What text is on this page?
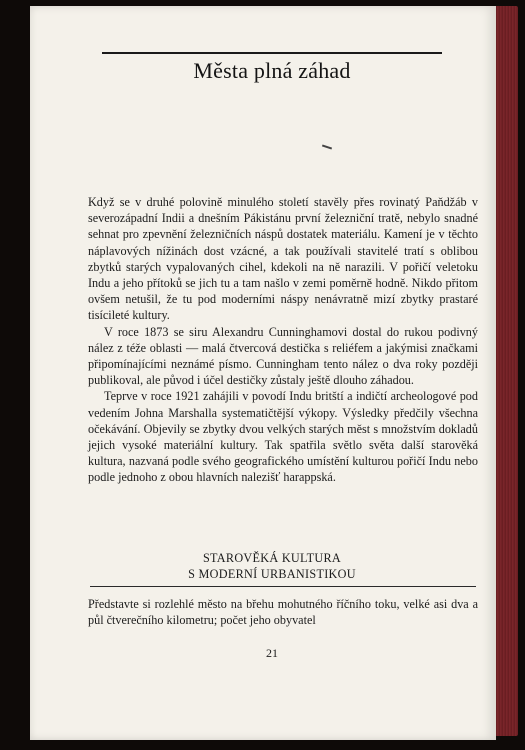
Města plná záhad

Když se v druhé polovině minulého století stavěly přes rovinatý Paňdžáb v severozápadní Indii a dnešním Pákistánu první železniční tratě, nebylo snadné sehnat pro zpevnění železničních náspů dostatek materiálu. Kamení je v těchto náplavových nížinách dost vzácné, a tak používali stavitelé tratí s oblibou zbytků starých vypalovaných cihel, kdekoli na ně narazili. V pořičí veletoku Indu a jeho přítoků se jich tu a tam našlo v zemi poměrně hodně. Nikdo přitom ovšem netušil, že tu pod moderními náspy nenávratně mizí zbytky prastaré tisícileté kultury.

V roce 1873 se siru Alexandru Cunninghamovi dostal do rukou podivný nález z téže oblasti — malá čtvercová destička s reliéfem a jakýmisi značkami připomínajícími neznámé písmo. Cunningham tento nález o dva roky později publikoval, ale původ i účel destičky zůstaly ještě dlouho záhadou.

Teprve v roce 1921 zahájili v povodí Indu britští a indičtí archeologové pod vedením Johna Marshalla systematičtější výkopy. Výsledky předčily všechna očekávání. Objevily se zbytky dvou velkých starých měst s množstvím dokladů jejich vysoké materiální kultury. Tak spatřila světlo světa další starověká kultura, nazvaná podle svého geografického umístění kulturou pořičí Indu nebo podle jednoho z obou hlavních nalezišť harappská.

STAROVĚKÁ KULTURA
S MODERNÍ URBANISTIKOU
Představte si rozlehlé město na břehu mohutného říčního toku, velké asi dva a půl čtverečního kilometru; počet jeho obyvatel
21
